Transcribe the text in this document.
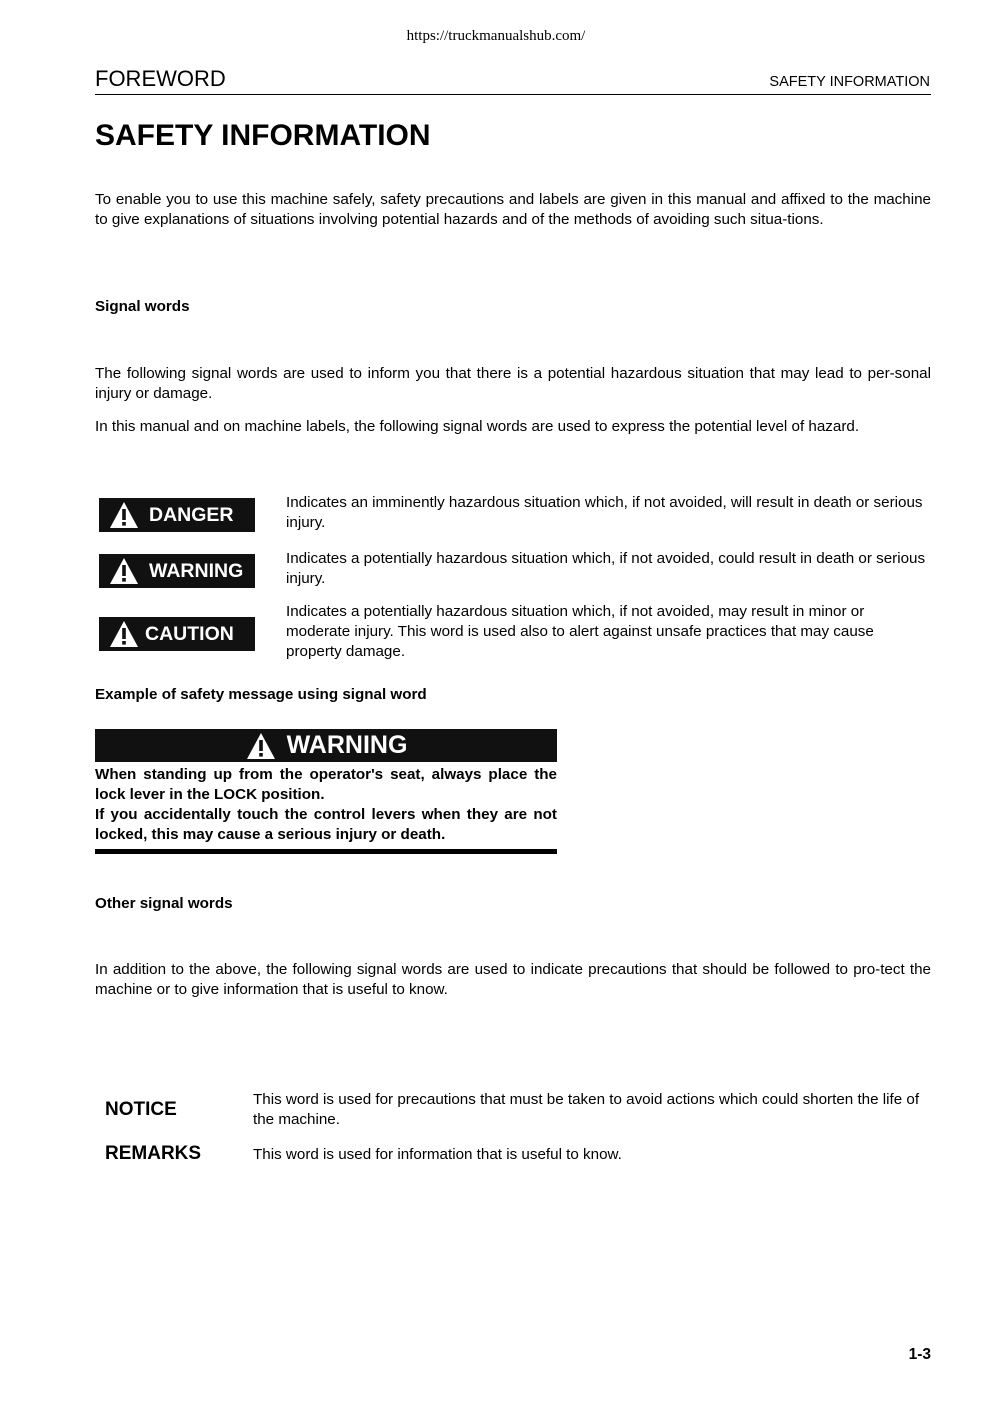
https://truckmanualshub.com/
FOREWORD	SAFETY INFORMATION
SAFETY INFORMATION

To enable you to use this machine safely, safety precautions and labels are given in this manual and affixed to the machine to give explanations of situations involving potential hazards and of the methods of avoiding such situa-tions.

Signal words

The following signal words are used to inform you that there is a potential hazardous situation that may lead to per-sonal injury or damage.

In this manual and on machine labels, the following signal words are used to express the potential level of hazard.

DANGER
Indicates an imminently hazardous situation which, if not avoided, will result in death or serious injury.
WARNING
Indicates a potentially hazardous situation which, if not avoided, could result in death or serious injury.
CAUTION
Indicates a potentially hazardous situation which, if not avoided, may result in minor or moderate injury. This word is used also to alert against unsafe practices that may cause property damage.
Example of safety message using signal word
WARNING
When standing up from the operator's seat, always place the lock lever in the LOCK position.
If you accidentally touch the control levers when they are not locked, this may cause a serious injury or death.
Other signal words

In addition to the above, the following signal words are used to indicate precautions that should be followed to pro-tect the machine or to give information that is useful to know.

NOTICE	This word is used for precautions that must be taken to avoid actions which could shorten the life of the machine.
REMARKS	This word is used for information that is useful to know.
1-3
